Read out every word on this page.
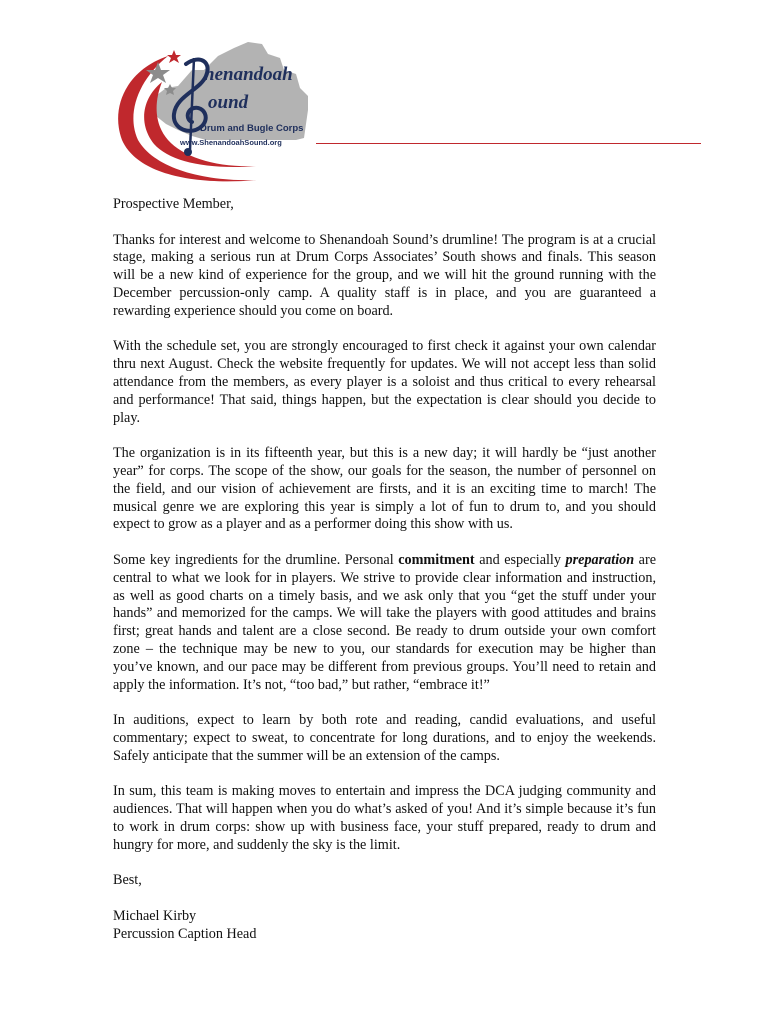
henandoah
ound
Drum and Bugle Corps
www.ShenandoahSound.org

Prospective Member,

Thanks for interest and welcome to Shenandoah Sound’s drumline! The program is at a crucial stage, making a serious run at Drum Corps Associates’ South shows and finals. This season will be a new kind of experience for the group, and we will hit the ground running with the December percussion-only camp. A quality staff is in place, and you are guaranteed a rewarding experience should you come on board.

With the schedule set, you are strongly encouraged to first check it against your own calendar thru next August. Check the website frequently for updates. We will not accept less than solid attendance from the members, as every player is a soloist and thus critical to every rehearsal and performance! That said, things happen, but the expectation is clear should you decide to play.

The organization is in its fifteenth year, but this is a new day; it will hardly be “just another year” for corps. The scope of the show, our goals for the season, the number of personnel on the field, and our vision of achievement are firsts, and it is an exciting time to march! The musical genre we are exploring this year is simply a lot of fun to drum to, and you should expect to grow as a player and as a performer doing this show with us.

Some key ingredients for the drumline. Personal commitment and especially preparation are central to what we look for in players. We strive to provide clear information and instruction, as well as good charts on a timely basis, and we ask only that you “get the stuff under your hands” and memorized for the camps. We will take the players with good attitudes and brains first; great hands and talent are a close second. Be ready to drum outside your own comfort zone – the technique may be new to you, our standards for execution may be higher than you’ve known, and our pace may be different from previous groups. You’ll need to retain and apply the information. It’s not, “too bad,” but rather, “embrace it!”

In auditions, expect to learn by both rote and reading, candid evaluations, and useful commentary; expect to sweat, to concentrate for long durations, and to enjoy the weekends. Safely anticipate that the summer will be an extension of the camps.

In sum, this team is making moves to entertain and impress the DCA judging community and audiences. That will happen when you do what’s asked of you! And it’s simple because it’s fun to work in drum corps: show up with business face, your stuff prepared, ready to drum and hungry for more, and suddenly the sky is the limit.

Best,

Michael Kirby

Percussion Caption Head
